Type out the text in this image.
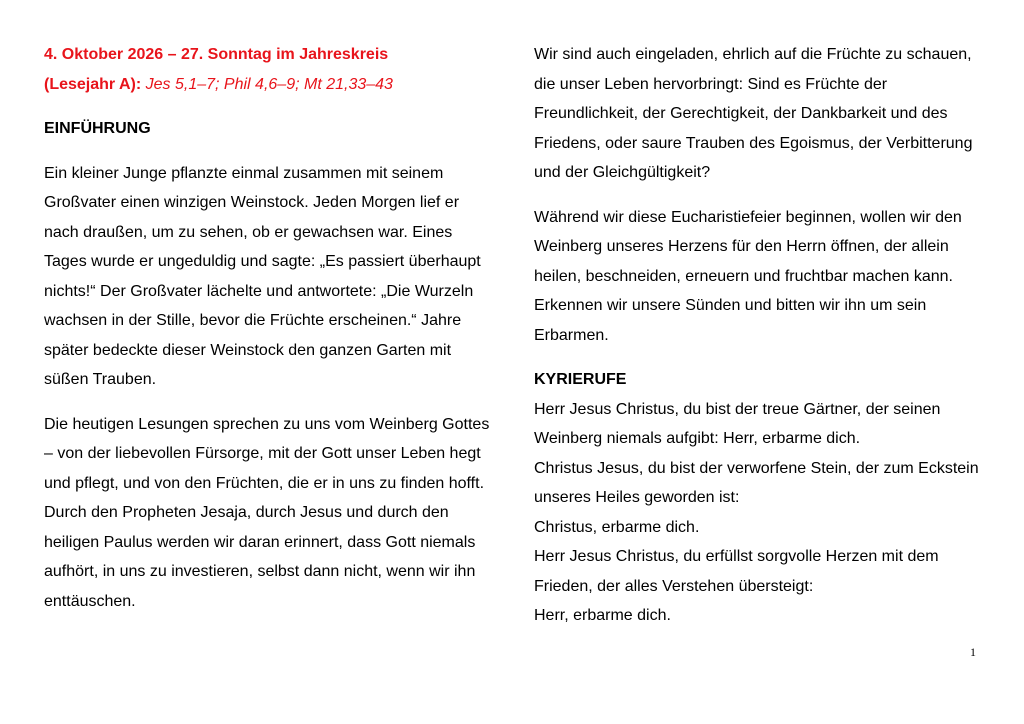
4. Oktober 2026 – 27. Sonntag im Jahreskreis
(Lesejahr A): Jes 5,1–7; Phil 4,6–9; Mt 21,33–43
EINFÜHRUNG

Ein kleiner Junge pflanzte einmal zusammen mit seinem Großvater einen winzigen Weinstock. Jeden Morgen lief er nach draußen, um zu sehen, ob er gewachsen war. Eines Tages wurde er ungeduldig und sagte: „Es passiert überhaupt nichts!“ Der Großvater lächelte und antwortete: „Die Wurzeln wachsen in der Stille, bevor die Früchte erscheinen.“ Jahre später bedeckte dieser Weinstock den ganzen Garten mit süßen Trauben.

Die heutigen Lesungen sprechen zu uns vom Weinberg Gottes – von der liebevollen Fürsorge, mit der Gott unser Leben hegt und pflegt, und von den Früchten, die er in uns zu finden hofft. Durch den Propheten Jesaja, durch Jesus und durch den heiligen Paulus werden wir daran erinnert, dass Gott niemals aufhört, in uns zu investieren, selbst dann nicht, wenn wir ihn enttäuschen.

Wir sind auch eingeladen, ehrlich auf die Früchte zu schauen, die unser Leben hervorbringt: Sind es Früchte der Freundlichkeit, der Gerechtigkeit, der Dankbarkeit und des Friedens, oder saure Trauben des Egoismus, der Verbitterung und der Gleichgültigkeit?

Während wir diese Eucharistiefeier beginnen, wollen wir den Weinberg unseres Herzens für den Herrn öffnen, der allein heilen, beschneiden, erneuern und fruchtbar machen kann. Erkennen wir unsere Sünden und bitten wir ihn um sein Erbarmen.

KYRIERUFE
Herr Jesus Christus, du bist der treue Gärtner, der seinen Weinberg niemals aufgibt: Herr, erbarme dich.
Christus Jesus, du bist der verworfene Stein, der zum Eckstein unseres Heiles geworden ist:
Christus, erbarme dich.
Herr Jesus Christus, du erfüllst sorgvolle Herzen mit dem Frieden, der alles Verstehen übersteigt:
Herr, erbarme dich.
1
